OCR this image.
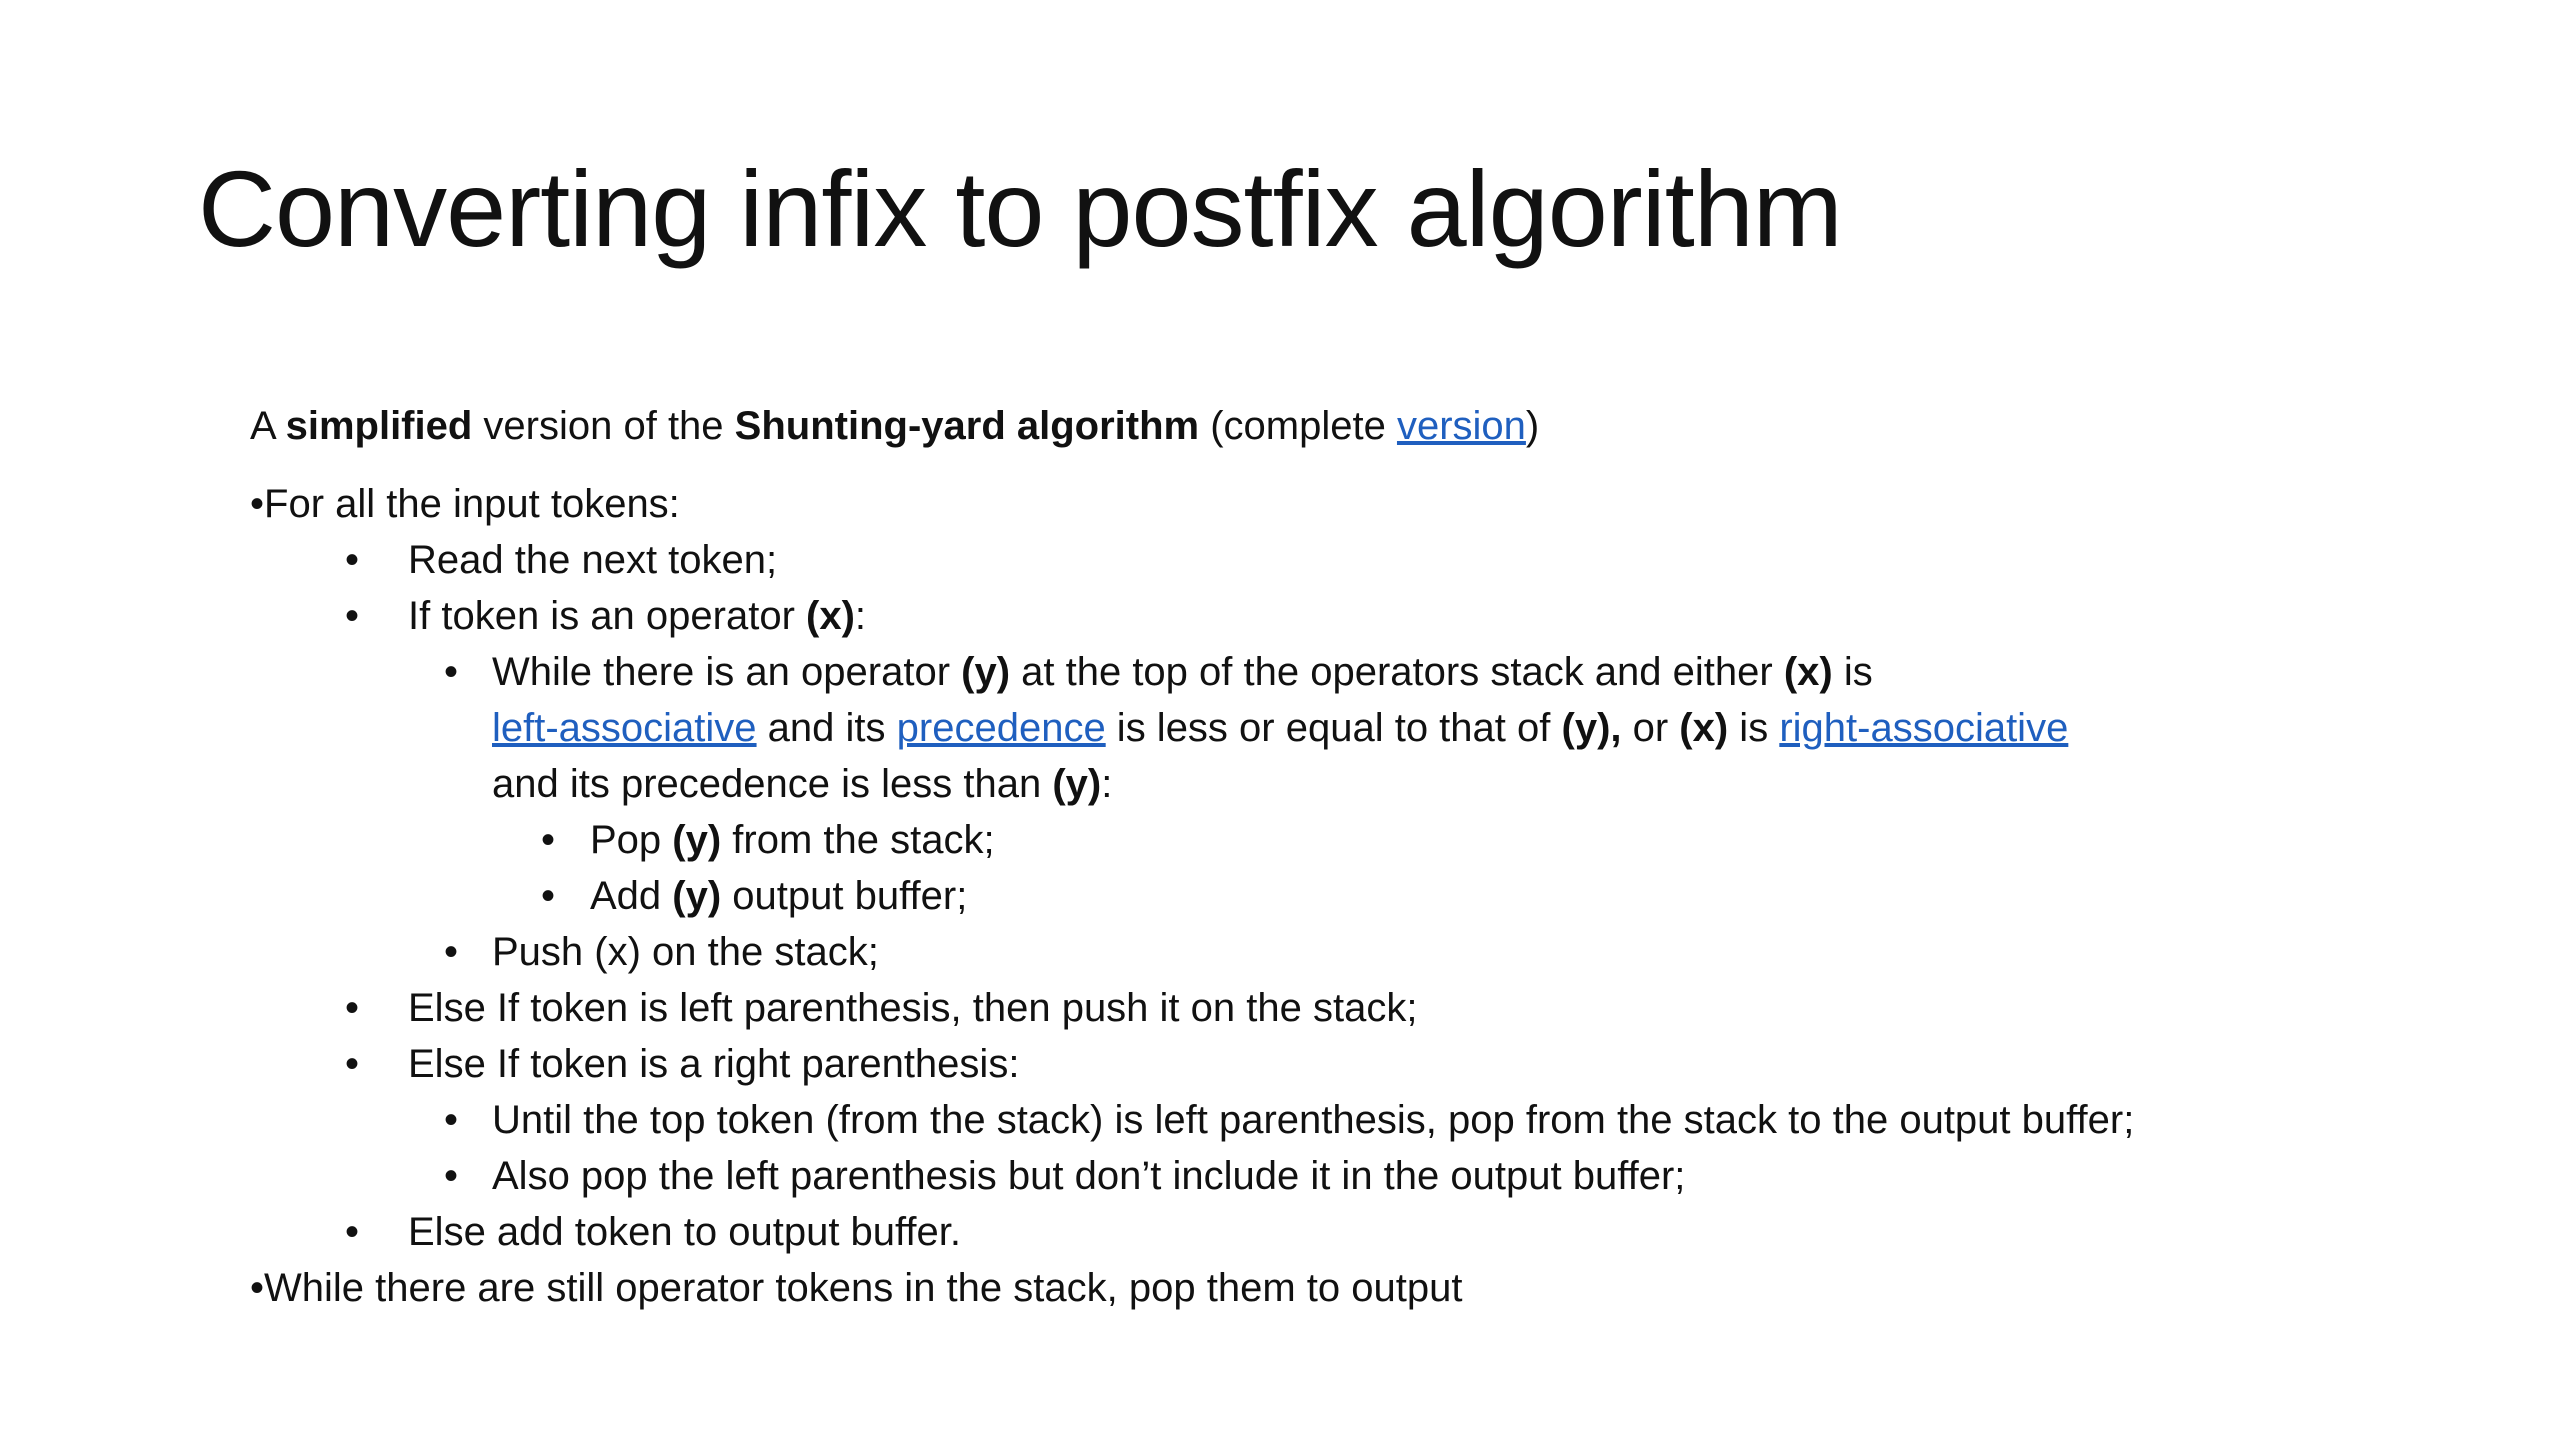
Converting infix to postfix algorithm
A simplified version of the Shunting-yard algorithm (complete version)
•For all the input tokens:
• Read the next token;
• If token is an operator (x):
• While there is an operator (y) at the top of the operators stack and either (x) is
left-associative and its precedence is less or equal to that of (y), or (x) is right-associative
and its precedence is less than (y):
• Pop (y) from the stack;
• Add (y) output buffer;
• Push (x) on the stack;
• Else If token is left parenthesis, then push it on the stack;
• Else If token is a right parenthesis:
• Until the top token (from the stack) is left parenthesis, pop from the stack to the output buffer;
• Also pop the left parenthesis but don’t include it in the output buffer;
• Else add token to output buffer.
•While there are still operator tokens in the stack, pop them to output
